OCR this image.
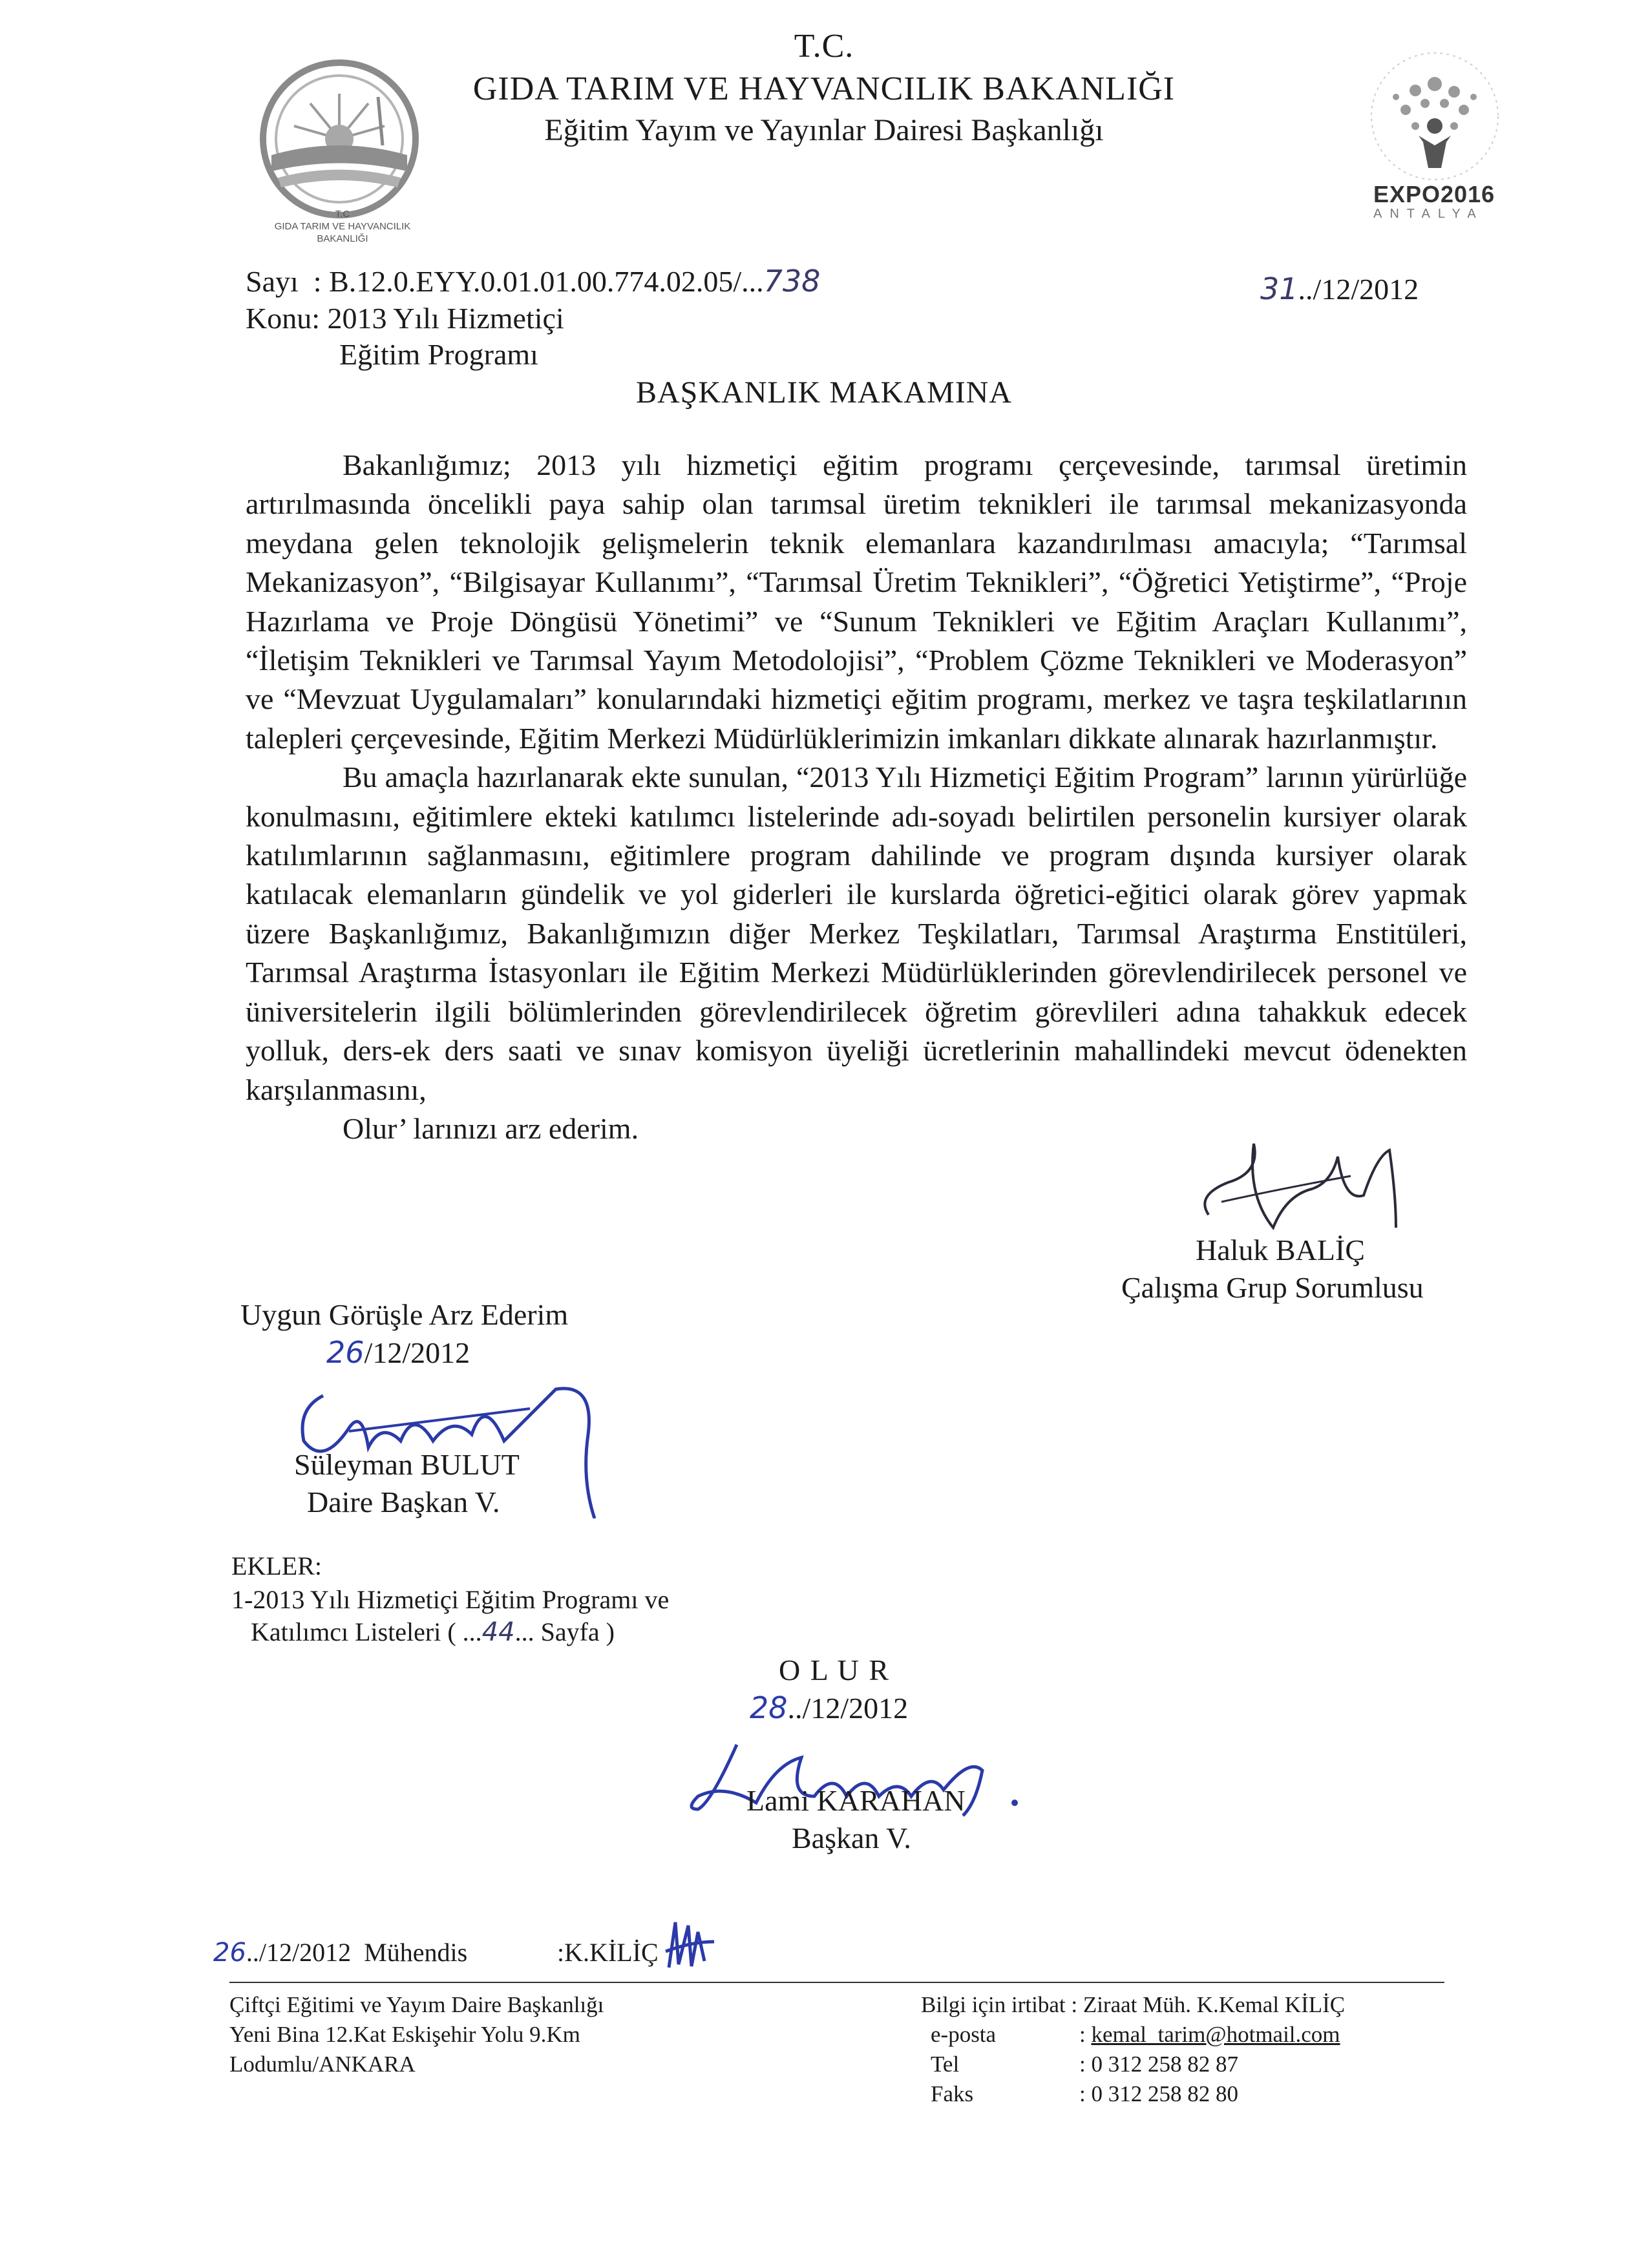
T.C
GIDA TARIM VE HAYVANCILIK
BAKANLIĞI
EXPO2016
ANTALYA
T.C.
GIDA TARIM VE HAYVANCILIK BAKANLIĞI
Eğitim Yayım ve Yayınlar Dairesi Başkanlığı
Sayı  : B.12.0.EYY.0.01.01.00.774.02.05/...738	31../12/2012
Konu: 2013 Yılı Hizmetiçi
Eğitim Programı
BAŞKANLIK MAKAMINA

Bakanlığımız; 2013 yılı hizmetiçi eğitim programı çerçevesinde, tarımsal üretimin artırılmasında öncelikli paya sahip olan tarımsal üretim teknikleri ile tarımsal mekanizasyonda meydana gelen teknolojik gelişmelerin teknik elemanlara kazandırılması amacıyla; “Tarımsal Mekanizasyon”, “Bilgisayar Kullanımı”, “Tarımsal Üretim Teknikleri”, “Öğretici Yetiştirme”, “Proje Hazırlama ve Proje Döngüsü Yönetimi” ve “Sunum Teknikleri ve Eğitim Araçları Kullanımı”, “İletişim Teknikleri ve Tarımsal Yayım Metodolojisi”, “Problem Çözme Teknikleri ve Moderasyon” ve “Mevzuat Uygulamaları” konularındaki hizmetiçi eğitim programı, merkez ve taşra teşkilatlarının talepleri çerçevesinde, Eğitim Merkezi Müdürlüklerimizin imkanları dikkate alınarak hazırlanmıştır.

Bu amaçla hazırlanarak ekte sunulan, “2013 Yılı Hizmetiçi Eğitim Program” larının yürürlüğe konulmasını, eğitimlere ekteki katılımcı listelerinde adı-soyadı belirtilen personelin kursiyer olarak katılımlarının sağlanmasını, eğitimlere program dahilinde ve program dışında kursiyer olarak katılacak elemanların gündelik ve yol giderleri ile kurslarda öğretici-eğitici olarak görev yapmak üzere Başkanlığımız, Bakanlığımızın diğer Merkez Teşkilatları, Tarımsal Araştırma Enstitüleri, Tarımsal Araştırma İstasyonları ile Eğitim Merkezi Müdürlüklerinden görevlendirilecek personel ve üniversitelerin ilgili bölümlerinden görevlendirilecek öğretim görevlileri adına tahakkuk edecek yolluk, ders-ek ders saati ve sınav komisyon üyeliği ücretlerinin mahallindeki mevcut ödenekten karşılanmasını,

Olur’ larınızı arz ederim.

Haluk BALİÇ
Çalışma Grup Sorumlusu
Uygun Görüşle Arz Ederim
26/12/2012
Süleyman BULUT
Daire Başkan V.
EKLER:
1-2013 Yılı Hizmetiçi Eğitim Programı ve
Katılımcı Listeleri ( ...44... Sayfa )
O L U R
28../12/2012
Lami KARAHAN
Başkan V.
26../12/2012 Mühendis	:K.KİLİÇ
Çiftçi Eğitimi ve Yayım Daire Başkanlığı
Yeni Bina 12.Kat Eskişehir Yolu 9.Km
Lodumlu/ANKARA
Bilgi için irtibat : Ziraat Müh. K.Kemal KİLİÇ
e-posta	: kemal_tarim@hotmail.com
Tel	: 0 312 258 82 87
Faks	: 0 312 258 82 80
